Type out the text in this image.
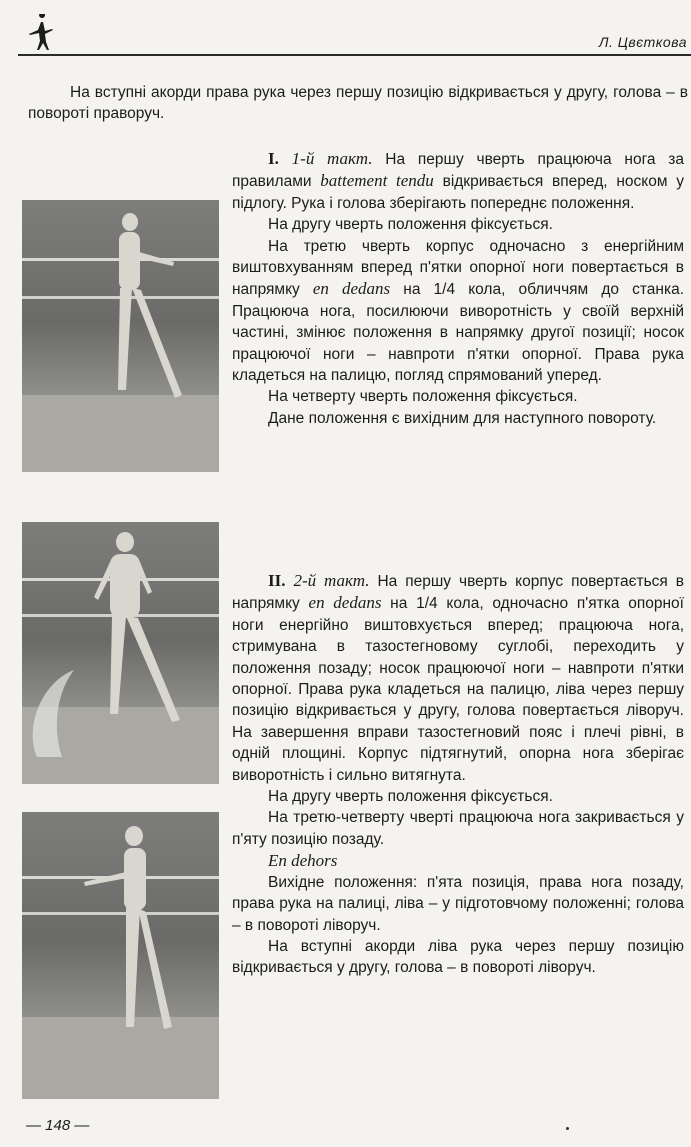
Л. Цвєткова
На вступні акорди права рука через першу позицію відкривається у другу, голова – в повороті праворуч.

I. 1-й такт. На першу чверть працююча нога за правилами battement tendu відкривається вперед, носком у підлогу. Рука і голова зберігають попереднє положення.

На другу чверть положення фіксується.

На третю чверть корпус одночасно з енергійним виштовхуванням вперед п'ятки опорної ноги повертається в напрямку en dedans на 1/4 кола, обличчям до станка. Працююча нога, посилюючи виворотність у своїй верхній частині, змінює положення в напрямку другої позиції; носок працюючої ноги – навпроти п'ятки опорної. Права рука кладеться на палицю, погляд спрямований уперед.

На четверту чверть положення фіксується.

Дане положення є вихідним для наступного повороту.

II. 2-й такт. На першу чверть корпус повертається в напрямку en dedans на 1/4 кола, одночасно п'ятка опорної ноги енергійно виштовхується вперед; працююча нога, стримувана в тазостегновому суглобі, переходить у положення позаду; носок працюючої ноги – навпроти п'ятки опорної. Права рука кладеться на палицю, ліва через першу позицію відкривається у другу, голова повертається ліворуч. На завершення вправи тазостегновий пояс і плечі рівні, в одній площині. Корпус підтягнутий, опорна нога зберігає виворотність і сильно витягнута.

На другу чверть положення фіксується.

На третю-четверту чверті працююча нога закривається у п'яту позицію позаду.

En dehors

Вихідне положення: п'ята позиція, права нога позаду, права рука на палиці, ліва – у підготовчому положенні; голова – в повороті ліворуч.

На вступні акорди ліва рука через першу позицію відкривається у другу, голова – в повороті ліворуч.

— 148 —
